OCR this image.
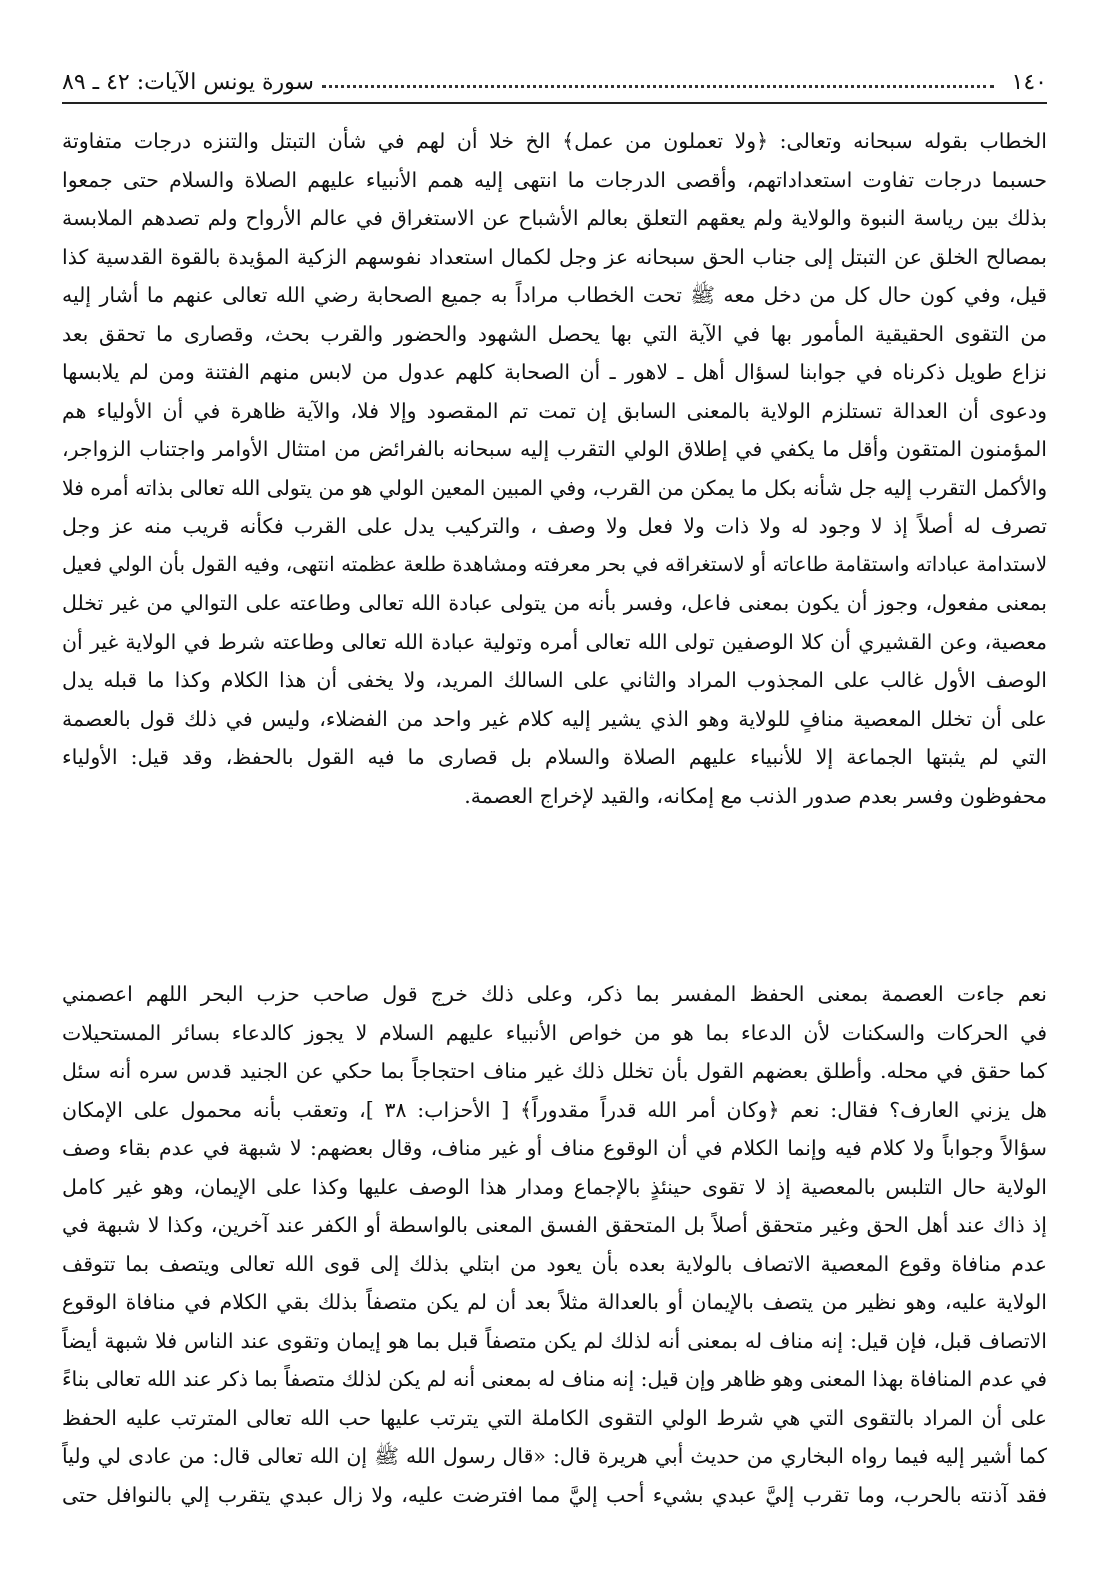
١٤٠
سورة يونس الآيات: ٤٢ ـ ٨٩
الخطاب بقوله سبحانه وتعالى: ﴿ولا تعملون من عمل﴾ الخ خلا أن لهم في شأن التبتل والتنزه درجات متفاوتة
حسبما درجات تفاوت استعداداتهم، وأقصى الدرجات ما انتهى إليه همم الأنبياء عليهم الصلاة والسلام حتى جمعوا
بذلك بين رياسة النبوة والولاية ولم يعقهم التعلق بعالم الأشباح عن الاستغراق في عالم الأرواح ولم تصدهم الملابسة
بمصالح الخلق عن التبتل إلى جناب الحق سبحانه عز وجل لكمال استعداد نفوسهم الزكية المؤيدة بالقوة القدسية كذا
قيل، وفي كون حال كل من دخل معه ﷺ تحت الخطاب مراداً به جميع الصحابة رضي الله تعالى عنهم ما أشار إليه
من التقوى الحقيقية المأمور بها في الآية التي بها يحصل الشهود والحضور والقرب بحث، وقصارى ما تحقق بعد
نزاع طويل ذكرناه في جوابنا لسؤال أهل ـ لاهور ـ أن الصحابة كلهم عدول من لابس منهم الفتنة ومن لم يلابسها
ودعوى أن العدالة تستلزم الولاية بالمعنى السابق إن تمت تم المقصود وإلا فلا، والآية ظاهرة في أن الأولياء هم
المؤمنون المتقون وأقل ما يكفي في إطلاق الولي التقرب إليه سبحانه بالفرائض من امتثال الأوامر واجتناب الزواجر،
والأكمل التقرب إليه جل شأنه بكل ما يمكن من القرب، وفي المبين المعين الولي هو من يتولى الله تعالى بذاته أمره فلا
تصرف له أصلاً إذ لا وجود له ولا ذات ولا فعل ولا وصف ، والتركيب يدل على القرب فكأنه قريب منه عز وجل
لاستدامة عباداته واستقامة طاعاته أو لاستغراقه في بحر معرفته ومشاهدة طلعة عظمته انتهى، وفيه القول بأن الولي فعيل
بمعنى مفعول، وجوز أن يكون بمعنى فاعل، وفسر بأنه من يتولى عبادة الله تعالى وطاعته على التوالي من غير تخلل
معصية، وعن القشيري أن كلا الوصفين تولى الله تعالى أمره وتولية عبادة الله تعالى وطاعته شرط في الولاية غير أن
الوصف الأول غالب على المجذوب المراد والثاني على السالك المريد، ولا يخفى أن هذا الكلام وكذا ما قبله يدل
على أن تخلل المعصية منافٍ للولاية وهو الذي يشير إليه كلام غير واحد من الفضلاء، وليس في ذلك قول بالعصمة
التي لم يثبتها الجماعة إلا للأنبياء عليهم الصلاة والسلام بل قصارى ما فيه القول بالحفظ، وقد قيل: الأولياء
محفوظون وفسر بعدم صدور الذنب مع إمكانه، والقيد لإخراج العصمة.
نعم جاءت العصمة بمعنى الحفظ المفسر بما ذكر، وعلى ذلك خرج قول صاحب حزب البحر اللهم اعصمني
في الحركات والسكنات لأن الدعاء بما هو من خواص الأنبياء عليهم السلام لا يجوز كالدعاء بسائر المستحيلات
كما حقق في محله. وأطلق بعضهم القول بأن تخلل ذلك غير مناف احتجاجاً بما حكي عن الجنيد قدس سره أنه سئل
هل يزني العارف؟ فقال: نعم ﴿وكان أمر الله قدراً مقدوراً﴾ [ الأحزاب: ٣٨ ]، وتعقب بأنه محمول على الإمكان
سؤالاً وجواباً ولا كلام فيه وإنما الكلام في أن الوقوع مناف أو غير مناف، وقال بعضهم: لا شبهة في عدم بقاء وصف
الولاية حال التلبس بالمعصية إذ لا تقوى حينئذٍ بالإجماع ومدار هذا الوصف عليها وكذا على الإيمان، وهو غير كامل
إذ ذاك عند أهل الحق وغير متحقق أصلاً بل المتحقق الفسق المعنى بالواسطة أو الكفر عند آخرين، وكذا لا شبهة في
عدم منافاة وقوع المعصية الاتصاف بالولاية بعده بأن يعود من ابتلي بذلك إلى قوى الله تعالى ويتصف بما تتوقف
الولاية عليه، وهو نظير من يتصف بالإيمان أو بالعدالة مثلاً بعد أن لم يكن متصفاً بذلك بقي الكلام في منافاة الوقوع
الاتصاف قبل، فإن قيل: إنه مناف له بمعنى أنه لذلك لم يكن متصفاً قبل بما هو إيمان وتقوى عند الناس فلا شبهة أيضاً
في عدم المنافاة بهذا المعنى وهو ظاهر وإن قيل: إنه مناف له بمعنى أنه لم يكن لذلك متصفاً بما ذكر عند الله تعالى بناءً
على أن المراد بالتقوى التي هي شرط الولي التقوى الكاملة التي يترتب عليها حب الله تعالى المترتب عليه الحفظ
كما أشير إليه فيما رواه البخاري من حديث أبي هريرة قال: «قال رسول الله ﷺ إن الله تعالى قال: من عادى لي ولياً
فقد آذنته بالحرب، وما تقرب إليَّ عبدي بشيء أحب إليَّ مما افترضت عليه، ولا زال عبدي يتقرب إلي بالنوافل حتى
